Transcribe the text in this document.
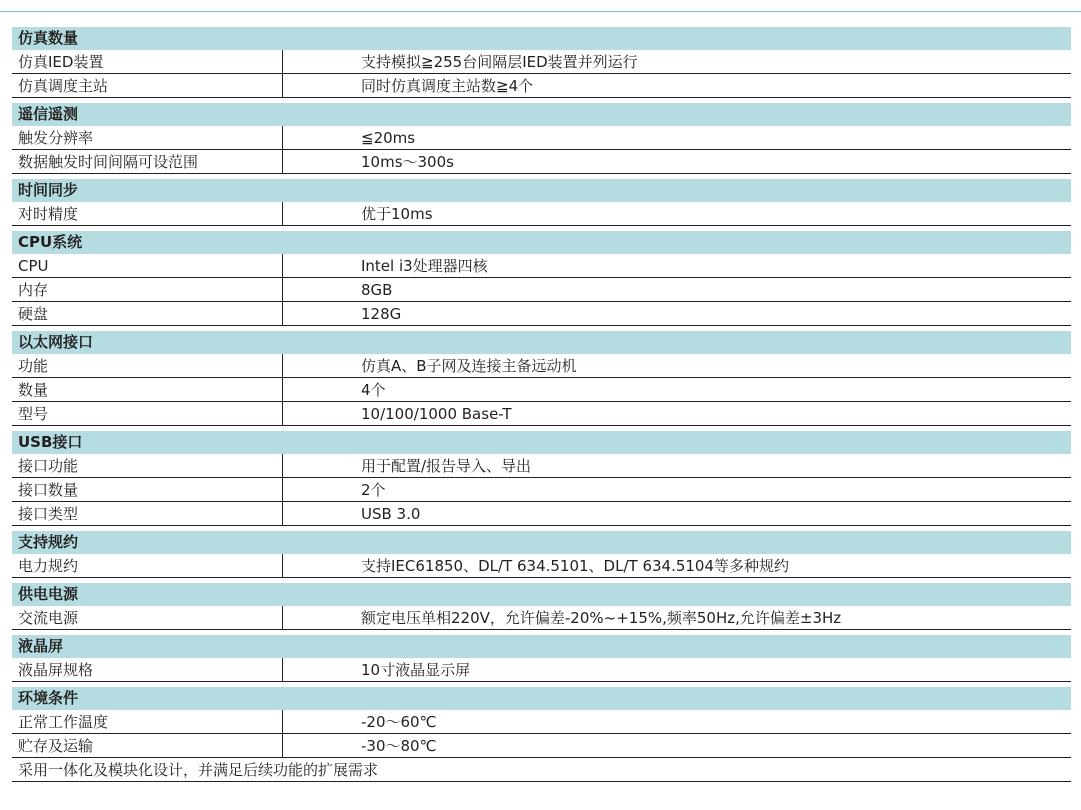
仿真数量
仿真IED装置	支持模拟≧255台间隔层IED装置并列运行
仿真调度主站	同时仿真调度主站数≧4个
遥信遥测
触发分辨率	≦20ms
数据触发时间间隔可设范围	10ms～300s
时间同步
对时精度	优于10ms
CPU系统
CPU	Intel i3处理器四核
内存	8GB
硬盘	128G
以太网接口
功能	仿真A、B子网及连接主备远动机
数量	4个
型号	10/100/1000 Base-T
USB接口
接口功能	用于配置/报告导入、导出
接口数量	2个
接口类型	USB 3.0
支持规约
电力规约	支持IEC61850、DL/T 634.5101、DL/T 634.5104等多种规约
供电电源
交流电源	额定电压单相220V，允许偏差-20%~+15%,频率50Hz,允许偏差±3Hz
液晶屏
液晶屏规格	10寸液晶显示屏
环境条件
正常工作温度	-20～60℃
贮存及运输	-30～80℃
采用一体化及模块化设计，并满足后续功能的扩展需求
